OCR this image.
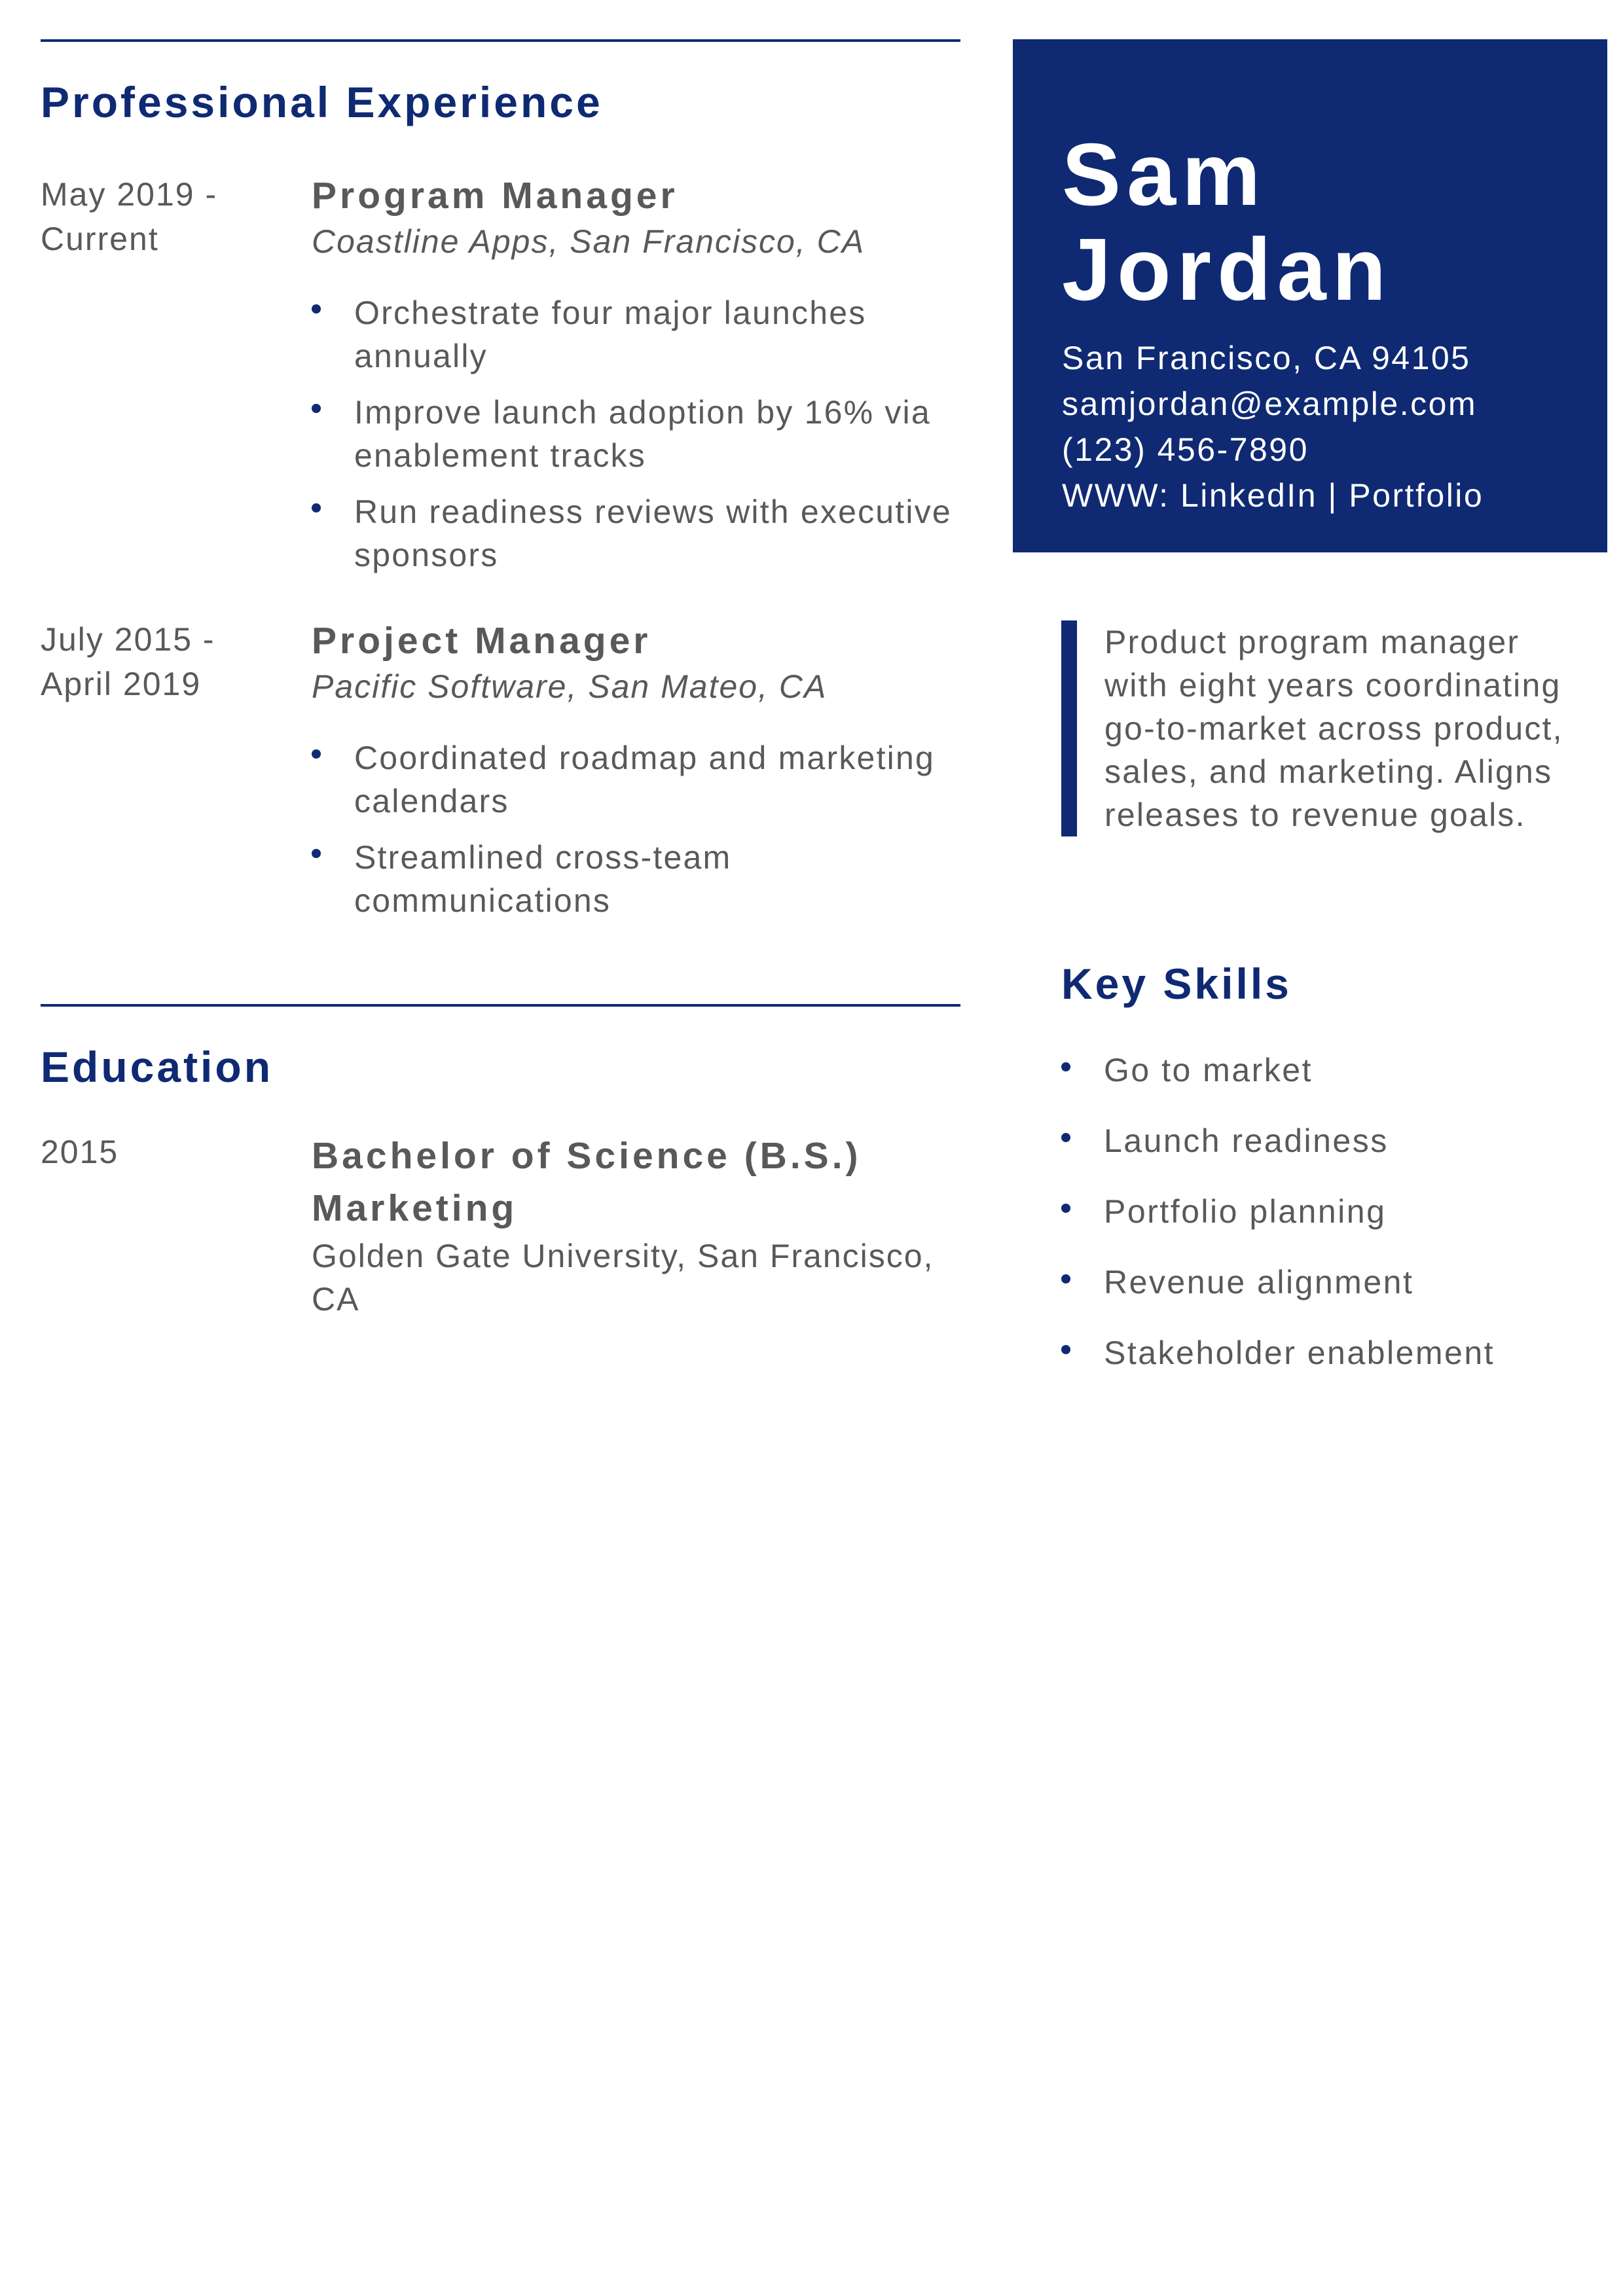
Professional Experience
May 2019 -
Current
Program Manager
Coastline Apps, San Francisco, CA
Orchestrate four major launches annually
Improve launch adoption by 16% via enablement tracks
Run readiness reviews with executive sponsors
July 2015 -
April 2019
Project Manager
Pacific Software, San Mateo, CA
Coordinated roadmap and marketing calendars
Streamlined cross-team communications
Education
2015	Bachelor of Science (B.S.)
Marketing
Golden Gate University, San Francisco, CA
Sam
Jordan
San Francisco, CA 94105
samjordan@example.com
(123) 456-7890
WWW: LinkedIn | Portfolio
Product program manager with eight years coordinating go-to-market across product, sales, and marketing. Aligns releases to revenue goals.
Key Skills
Go to market
Launch readiness
Portfolio planning
Revenue alignment
Stakeholder enablement
